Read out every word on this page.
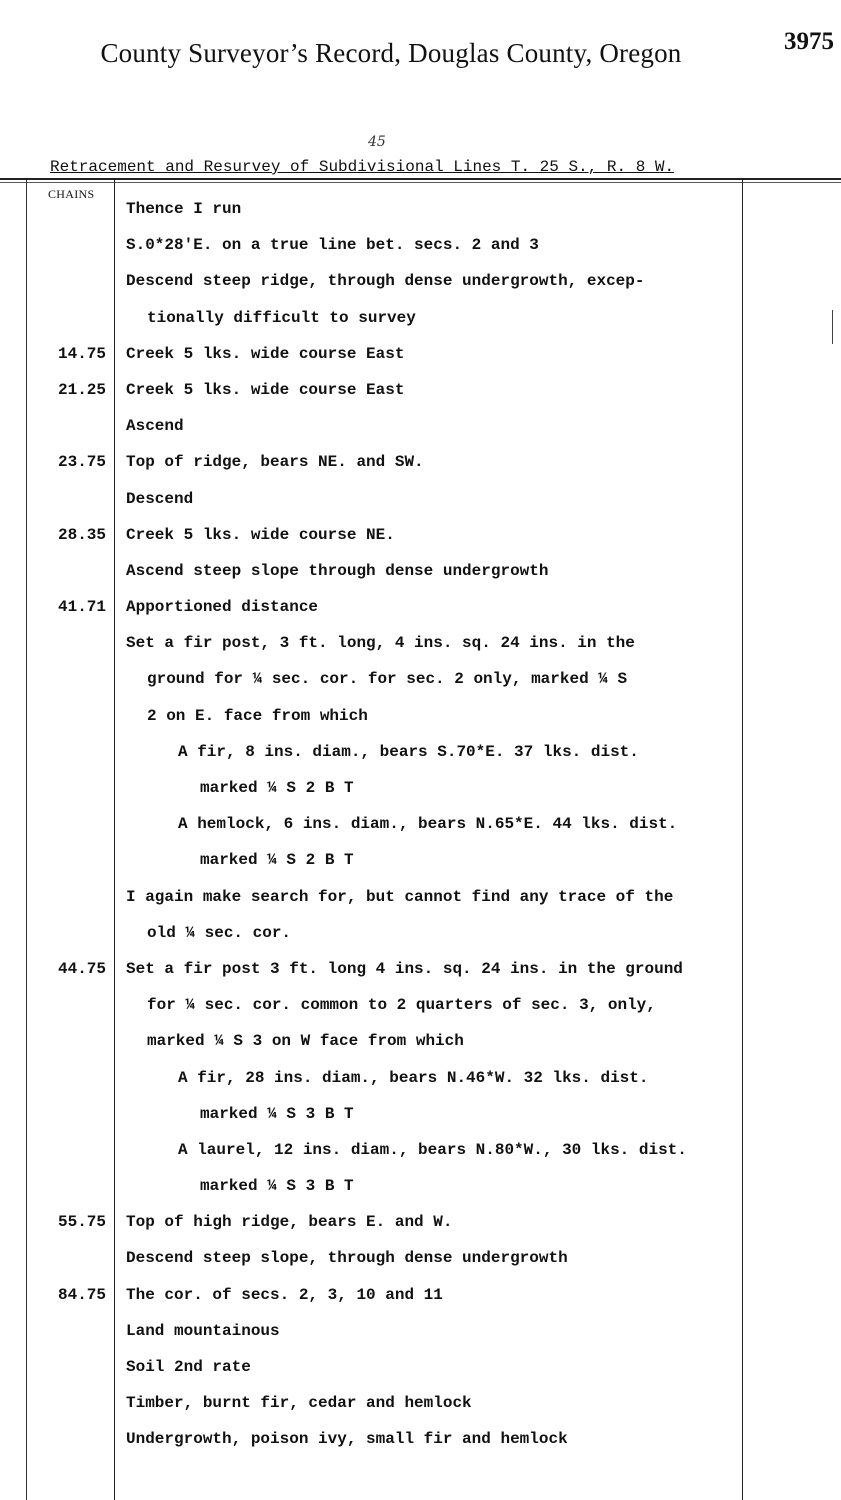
County Surveyor’s Record, Douglas County, Oregon	3975
45
Retracement and Resurvey of Subdivisional Lines T. 25 S., R. 8 W.
CHAINS
Thence I run
S.0*28'E. on a true line bet. secs. 2 and 3
Descend steep ridge, through dense undergrowth, excep-
tionally difficult to survey
14.75 Creek 5 lks. wide course East
21.25 Creek 5 lks. wide course East
Ascend
23.75 Top of ridge, bears NE. and SW.
Descend
28.35 Creek 5 lks. wide course NE.
Ascend steep slope through dense undergrowth
41.71 Apportioned distance
Set a fir post, 3 ft. long, 4 ins. sq. 24 ins. in the
ground for ¼ sec. cor. for sec. 2 only, marked ¼ S
2 on E. face from which
A fir, 8 ins. diam., bears S.70*E. 37 lks. dist.
marked ¼ S 2 B T
A hemlock, 6 ins. diam., bears N.65*E. 44 lks. dist.
marked ¼ S 2 B T
I again make search for, but cannot find any trace of the
old ¼ sec. cor.
44.75 Set a fir post 3 ft. long 4 ins. sq. 24 ins. in the ground
for ¼ sec. cor. common to 2 quarters of sec. 3, only,
marked ¼ S 3 on W face from which
A fir, 28 ins. diam., bears N.46*W. 32 lks. dist.
marked ¼ S 3 B T
A laurel, 12 ins. diam., bears N.80*W., 30 lks. dist.
marked ¼ S 3 B T
55.75 Top of high ridge, bears E. and W.
Descend steep slope, through dense undergrowth
84.75 The cor. of secs. 2, 3, 10 and 11
Land mountainous
Soil 2nd rate
Timber, burnt fir, cedar and hemlock
Undergrowth, poison ivy, small fir and hemlock
